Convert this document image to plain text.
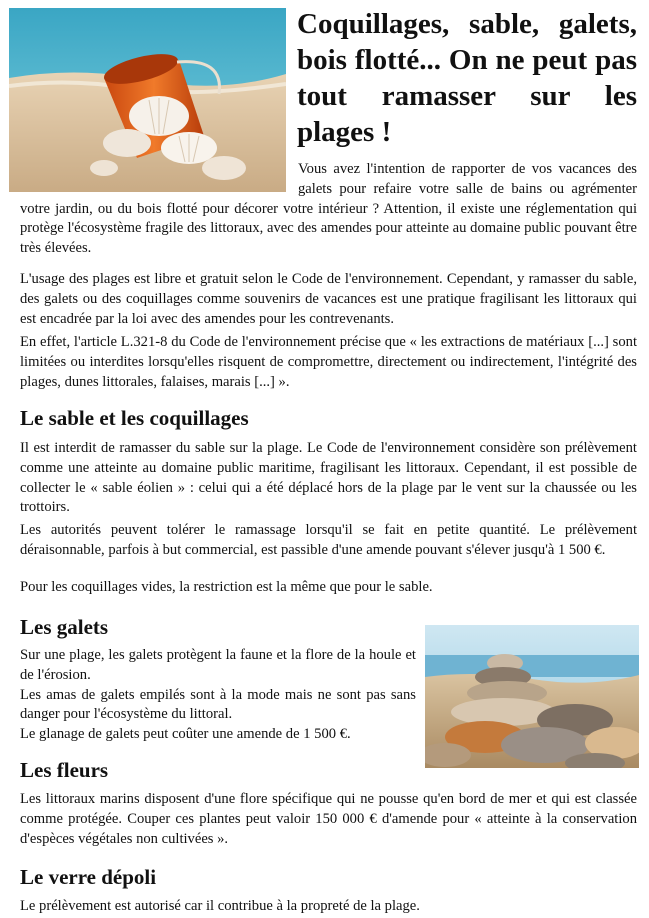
Coquillages, sable, galets, bois flotté... On ne peut pas tout ramasser sur les plages !

Vous avez l'intention de rapporter de vos vacances des galets pour refaire votre salle de bains ou agrémenter votre jardin, ou du bois flotté pour décorer votre intérieur ? Attention, il existe une réglementation qui protège l'écosystème fragile des littoraux, avec des amendes pour atteinte au domaine public pouvant être très élevées.

L'usage des plages est libre et gratuit selon le Code de l'environnement. Cependant, y ramasser du sable, des galets ou des coquillages comme souvenirs de vacances est une pratique fragilisant les littoraux qui est encadrée par la loi avec des amendes pour les contrevenants.

En effet, l'article L.321-8 du Code de l'environnement précise que « les extractions de matériaux [...] sont limitées ou interdites lorsqu'elles risquent de compromettre, directement ou indirectement, l'intégrité des plages, dunes littorales, falaises, marais [...] ».

Le sable et les coquillages

Il est interdit de ramasser du sable sur la plage. Le Code de l'environnement considère son prélèvement comme une atteinte au domaine public maritime, fragilisant les littoraux. Cependant, il est possible de collecter le « sable éolien » : celui qui a été déplacé hors de la plage par le vent sur la chaussée ou les trottoirs.

Les autorités peuvent tolérer le ramassage lorsqu'il se fait en petite quantité. Le prélèvement déraisonnable, parfois à but commercial, est passible d'une amende pouvant s'élever jusqu'à 1 500 €.

Pour les coquillages vides, la restriction est la même que pour le sable.

Les galets

Sur une plage, les galets protègent la faune et la flore de la houle et de l'érosion.
Les amas de galets empilés sont à la mode mais ne sont pas sans danger pour l'écosystème du littoral.
Le glanage de galets peut coûter une amende de 1 500 €.

Les fleurs

Les littoraux marins disposent d'une flore spécifique qui ne pousse qu'en bord de mer et qui est classée comme protégée. Couper ces plantes peut valoir 150 000 € d'amende pour « atteinte à la conservation d'espèces végétales non cultivées ».

Le verre dépoli

Le prélèvement est autorisé car il contribue à la propreté de la plage.
